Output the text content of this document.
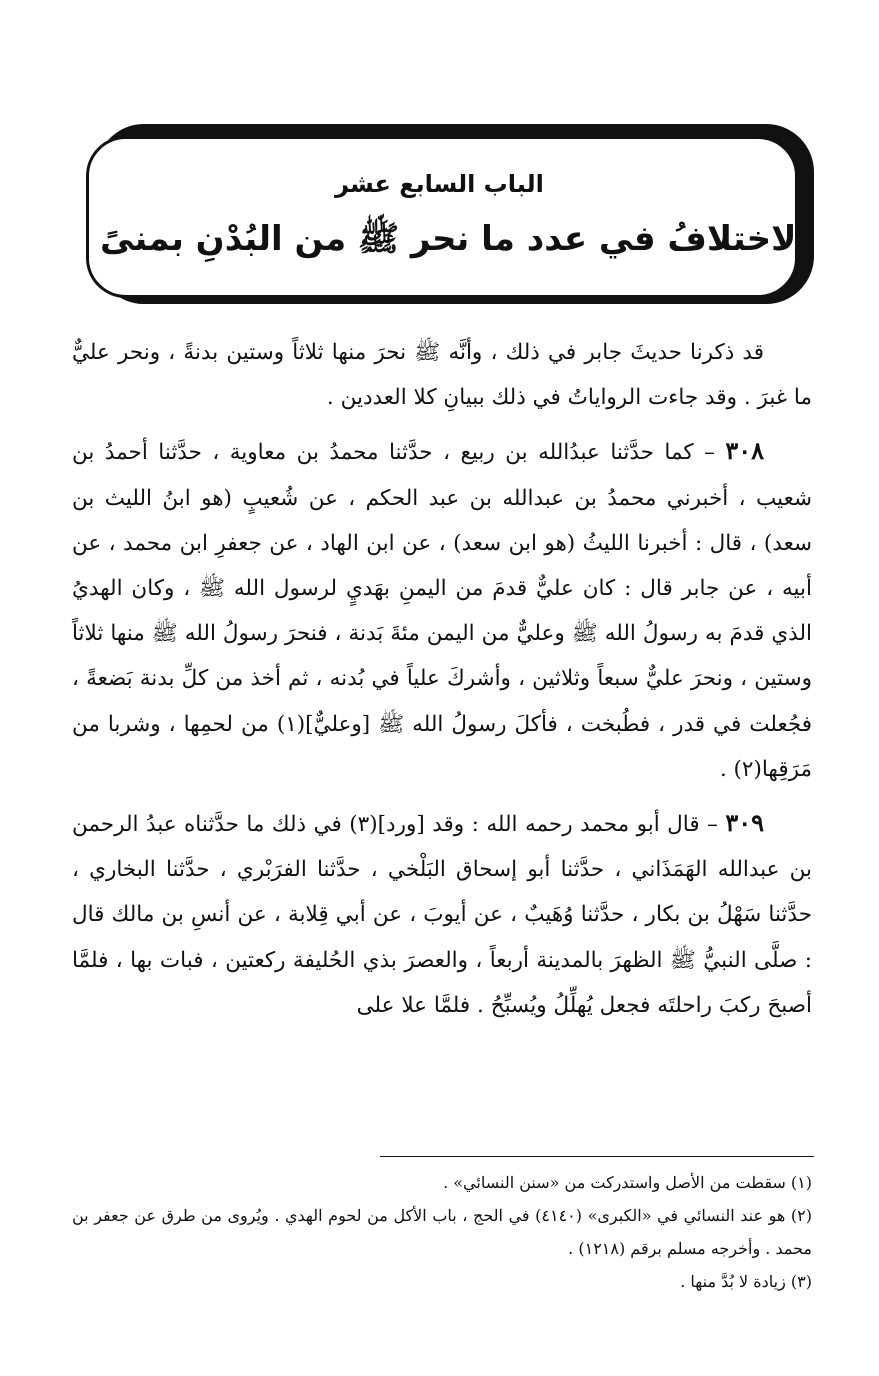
الباب السابع عشر
الاختلافُ في عدد ما نحر ﷺ من البُدْنِ بمنىً

قد ذكرنا حديثَ جابر في ذلك ، وأنَّه ﷺ نحرَ منها ثلاثاً وستين بدنةً ، ونحر عليٌّ ما غبرَ . وقد جاءت الرواياتُ في ذلك ببيانِ كلا العددين .

٣٠٨ – كما حدَّثنا عبدُالله بن ربيع ، حدَّثنا محمدُ بن معاوية ، حدَّثنا أحمدُ بن شعيب ، أخبرني محمدُ بن عبدالله بن عبد الحكم ، عن شُعيبٍ (هو ابنُ الليث بن سعد) ، قال : أخبرنا الليثُ (هو ابن سعد) ، عن ابن الهاد ، عن جعفرِ ابن محمد ، عن أبيه ، عن جابر قال : كان عليٌّ قدمَ من اليمنِ بهَديٍ لرسول الله ﷺ ، وكان الهديُ الذي قدمَ به رسولُ الله ﷺ وعليٌّ من اليمن مئةَ بَدنة ، فنحرَ رسولُ الله ﷺ منها ثلاثاً وستين ، ونحرَ عليٌّ سبعاً وثلاثين ، وأشركَ علياً في بُدنه ، ثم أخذ من كلِّ بدنة بَضعةً ، فجُعلت في قدر ، فطُبخت ، فأكلَ رسولُ الله ﷺ [وعليٌّ](١) من لحمِها ، وشربا من مَرَقِها(٢) .

٣٠٩ – قال أبو محمد رحمه الله : وقد [ورد](٣) في ذلك ما حدَّثناه عبدُ الرحمن بن عبدالله الهَمَذَاني ، حدَّثنا أبو إسحاق البَلْخي ، حدَّثنا الفرَبْري ، حدَّثنا البخاري ، حدَّثنا سَهْلُ بن بكار ، حدَّثنا وُهَيبٌ ، عن أيوبَ ، عن أبي قِلابة ، عن أنسِ بن مالك قال : صلَّى النبيُّ ﷺ الظهرَ بالمدينة أربعاً ، والعصرَ بذي الحُليفة ركعتين ، فبات بها ، فلمَّا أصبحَ ركبَ راحلتَه فجعل يُهلِّلُ ويُسبِّحُ . فلمَّا علا على

(١) سقطت من الأصل واستدركت من «سنن النسائي» .

(٢) هو عند النسائي في «الكبرى» (٤١٤٠) في الحج ، باب الأكل من لحوم الهدي . ويُروى من طرق عن جعفر بن محمد . وأخرجه مسلم برقم (١٢١٨) .

(٣) زيادة لا بُدَّ منها .
